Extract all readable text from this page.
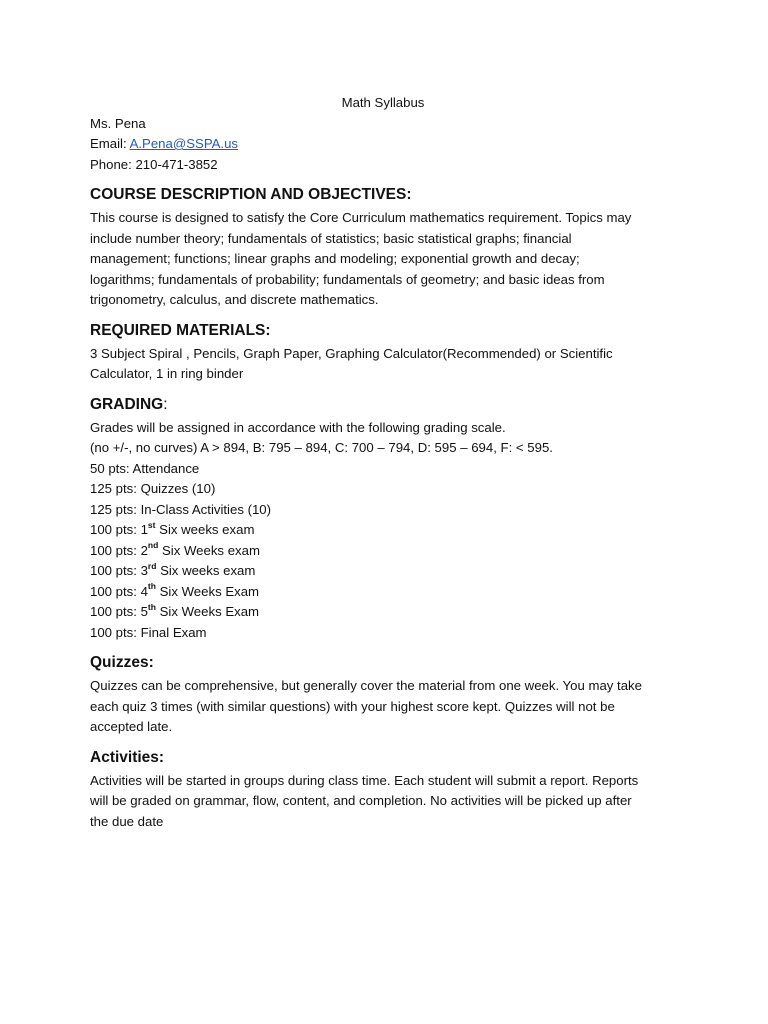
Math Syllabus

Ms. Pena

Email: A.Pena@SSPA.us

Phone: 210-471-3852

COURSE DESCRIPTION AND OBJECTIVES:

This course is designed to satisfy the Core Curriculum mathematics requirement. Topics may

include number theory; fundamentals of statistics; basic statistical graphs; financial

management; functions; linear graphs and modeling; exponential growth and decay;

logarithms; fundamentals of probability; fundamentals of geometry; and basic ideas from

trigonometry, calculus, and discrete mathematics.

REQUIRED MATERIALS:

3 Subject Spiral , Pencils, Graph Paper, Graphing Calculator(Recommended) or Scientific

Calculator, 1 in ring binder

GRADING:

Grades will be assigned in accordance with the following grading scale.

(no +/-, no curves) A > 894, B: 795 – 894, C: 700 – 794, D: 595 – 694, F: < 595.

50 pts: Attendance

125 pts: Quizzes (10)

125 pts: In-Class Activities (10)

100 pts: 1st Six weeks exam

100 pts: 2nd Six Weeks exam

100 pts: 3rd Six weeks exam

100 pts: 4th Six Weeks Exam

100 pts: 5th Six Weeks Exam

100 pts: Final Exam

Quizzes:

Quizzes can be comprehensive, but generally cover the material from one week. You may take

each quiz 3 times (with similar questions) with your highest score kept. Quizzes will not be

accepted late.

Activities:

Activities will be started in groups during class time. Each student will submit a report. Reports

will be graded on grammar, flow, content, and completion. No activities will be picked up after

the due date
